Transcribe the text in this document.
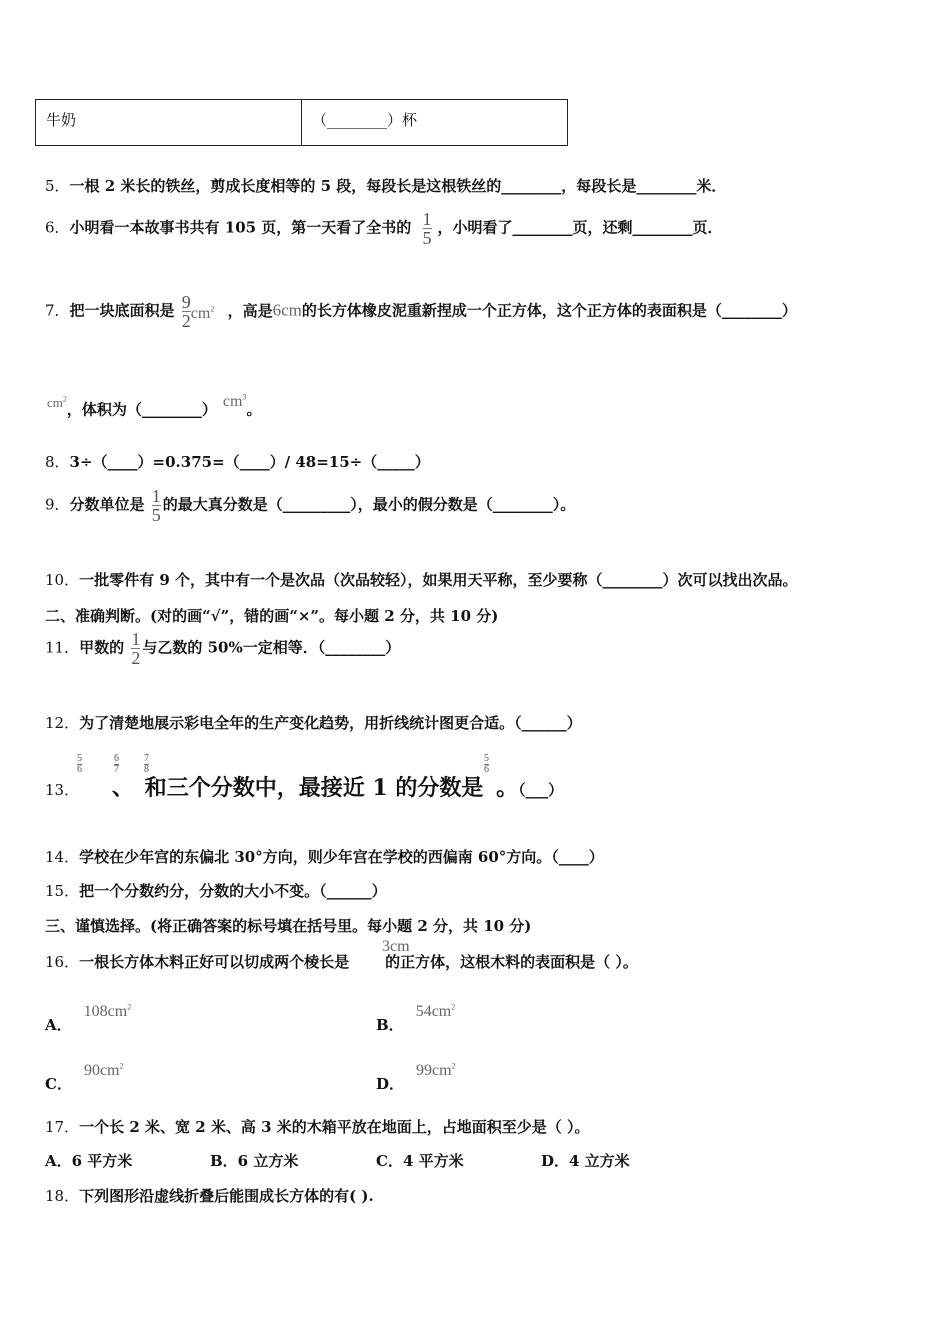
牛奶	（________）杯
5．一根 2 米长的铁丝，剪成长度相等的 5 段，每段长是这根铁丝的________，每段长是________米．
6．小明看一本故事书共有 105 页，第一天看了全书的 $\frac{1}{5}$ ，小明看了________页，还剩________页．
7．把一块底面积是 $\frac{9}{2} cm^2$ ，高是6cm的长方体橡皮泥重新捏成一个正方体，这个正方体的表面积是（________）
$cm^2$，体积为（________） $cm^3$。
8．3÷（____）=0.375=（____）/ 48=15÷（_____）
9．分数单位是 $\frac{1}{5}$ 的最大真分数是（_________），最小的假分数是（________）。
10．一批零件有 9 个，其中有一个是次品（次品较轻），如果用天平称，至少要称（________）次可以找出次品。
二、准确判断。(对的画“√”，错的画“×”。每小题 2 分，共 10 分)
11．甲数的 $\frac{1}{2}$ 与乙数的 50%一定相等．（________）
12．为了清楚地展示彩电全年的生产变化趋势，用折线统计图更合适。（______）
5
6
6
7
7
8
5
6
13． 、 和三个分数中，最接近 1 的分数是 。（___）
14．学校在少年宫的东偏北 30°方向，则少年宫在学校的西偏南 60°方向。（____）
15．把一个分数约分，分数的大小不变。（______）
三、谨慎选择。(将正确答案的标号填在括号里。每小题 2 分，共 10 分)
3cm
16．一根长方体木料正好可以切成两个棱长是 的正方体，这根木料的表面积是（ ）。
A．$108cm^2$
B．$54cm^2$
C．$90cm^2$
D．$99cm^2$
17．一个长 2 米、宽 2 米、高 3 米的木箱平放在地面上，占地面积至少是（ ）。
A．6 平方米	B．6 立方米	C．4 平方米	D．4 立方米
18．下列图形沿虚线折叠后能围成长方体的有( ).
